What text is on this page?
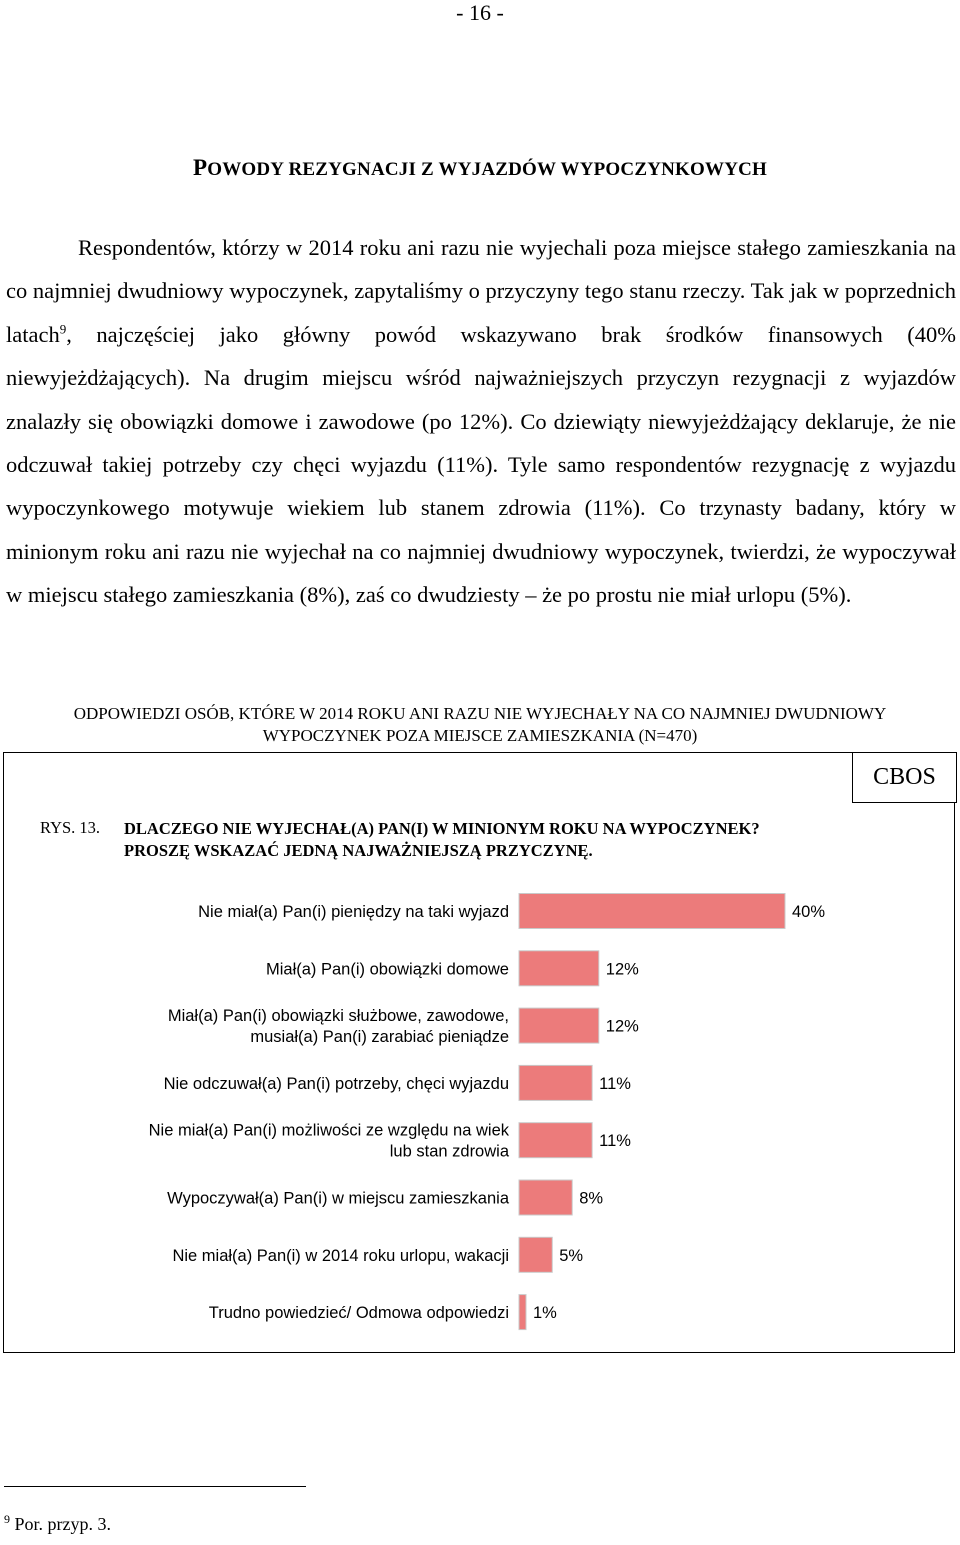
- 16 -
POWODY REZYGNACJI Z WYJAZDÓW WYPOCZYNKOWYCH

Respondentów, którzy w 2014 roku ani razu nie wyjechali poza miejsce stałego zamieszkania na co najmniej dwudniowy wypoczynek, zapytaliśmy o przyczyny tego stanu rzeczy. Tak jak w poprzednich latach$^9$, najczęściej jako główny powód wskazywano brak środków finansowych (40% niewyjeżdżających). Na drugim miejscu wśród najważniejszych przyczyn rezygnacji z wyjazdów znalazły się obowiązki domowe i zawodowe (po 12%). Co dziewiąty niewyjeżdżający deklaruje, że nie odczuwał takiej potrzeby czy chęci wyjazdu (11%). Tyle samo respondentów rezygnację z wyjazdu wypoczynkowego motywuje wiekiem lub stanem zdrowia (11%). Co trzynasty badany, który w minionym roku ani razu nie wyjechał na co najmniej dwudniowy wypoczynek, twierdzi, że wypoczywał w miejscu stałego zamieszkania (8%), zaś co dwudziesty – że po prostu nie miał urlopu (5%).

ODPOWIEDZI OSÓB, KTÓRE W 2014 ROKU ANI RAZU NIE WYJECHAŁY NA CO NAJMNIEJ DWUDNIOWY
WYPOCZYNEK POZA MIEJSCE ZAMIESZKANIA (N=470)
CBOS
RYS. 13. DLACZEGO NIE WYJECHAŁ(A) PAN(I) W MINIONYM ROKU NA WYPOCZYNEK?
PROSZĘ WSKAZAĆ JEDNĄ NAJWAŻNIEJSZĄ PRZYCZYNĘ.
Nie miał(a) Pan(i) pieniędzy na taki wyjazd	40%
Miał(a) Pan(i) obowiązki domowe	12%
Miał(a) Pan(i) obowiązki służbowe, zawodowe, musiał(a) Pan(i) zarabiać pieniądze
12%
Nie odczuwał(a) Pan(i) potrzeby, chęci wyjazdu	11%
Nie miał(a) Pan(i) możliwości ze względu na wiek lub stan zdrowia
11%
Wypoczywał(a) Pan(i) w miejscu zamieszkania	8%
Nie miał(a) Pan(i) w 2014 roku urlopu, wakacji	5%
Trudno powiedzieć/ Odmowa odpowiedzi 1%
$^9$ Por. przyp. 3.
